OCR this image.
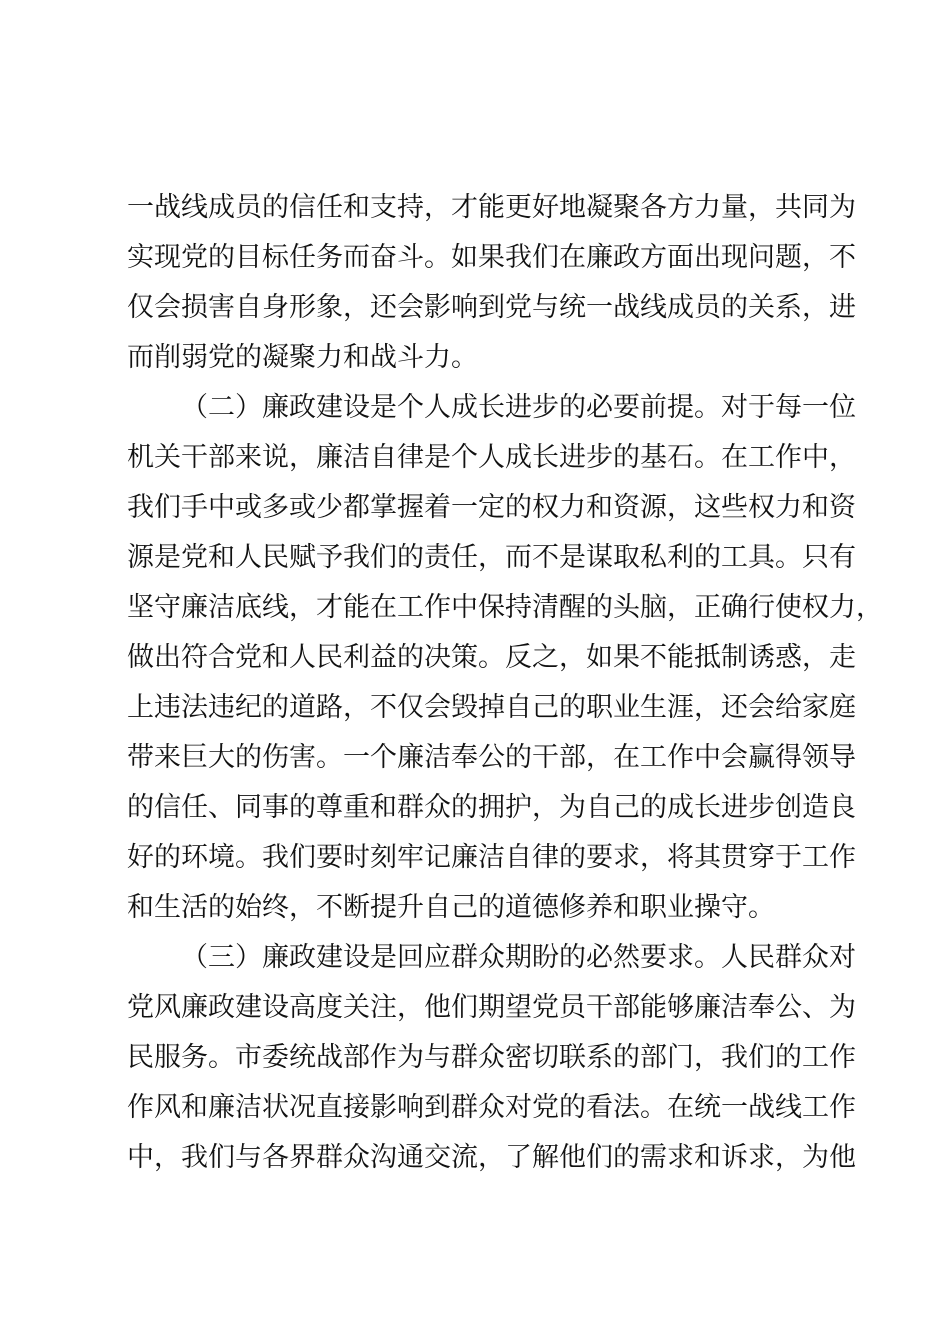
一战线成员的信任和支持，才能更好地凝聚各方力量，共同为
实现党的目标任务而奋斗。如果我们在廉政方面出现问题，不
仅会损害自身形象，还会影响到党与统一战线成员的关系，进
而削弱党的凝聚力和战斗力。
（二）廉政建设是个人成长进步的必要前提。对于每一位
机关干部来说，廉洁自律是个人成长进步的基石。在工作中，
我们手中或多或少都掌握着一定的权力和资源，这些权力和资
源是党和人民赋予我们的责任，而不是谋取私利的工具。只有
坚守廉洁底线，才能在工作中保持清醒的头脑，正确行使权力，
做出符合党和人民利益的决策。反之，如果不能抵制诱惑，走
上违法违纪的道路，不仅会毁掉自己的职业生涯，还会给家庭
带来巨大的伤害。一个廉洁奉公的干部，在工作中会赢得领导
的信任、同事的尊重和群众的拥护，为自己的成长进步创造良
好的环境。我们要时刻牢记廉洁自律的要求，将其贯穿于工作
和生活的始终，不断提升自己的道德修养和职业操守。
（三）廉政建设是回应群众期盼的必然要求。人民群众对
党风廉政建设高度关注，他们期望党员干部能够廉洁奉公、为
民服务。市委统战部作为与群众密切联系的部门，我们的工作
作风和廉洁状况直接影响到群众对党的看法。在统一战线工作
中，我们与各界群众沟通交流，了解他们的需求和诉求，为他
